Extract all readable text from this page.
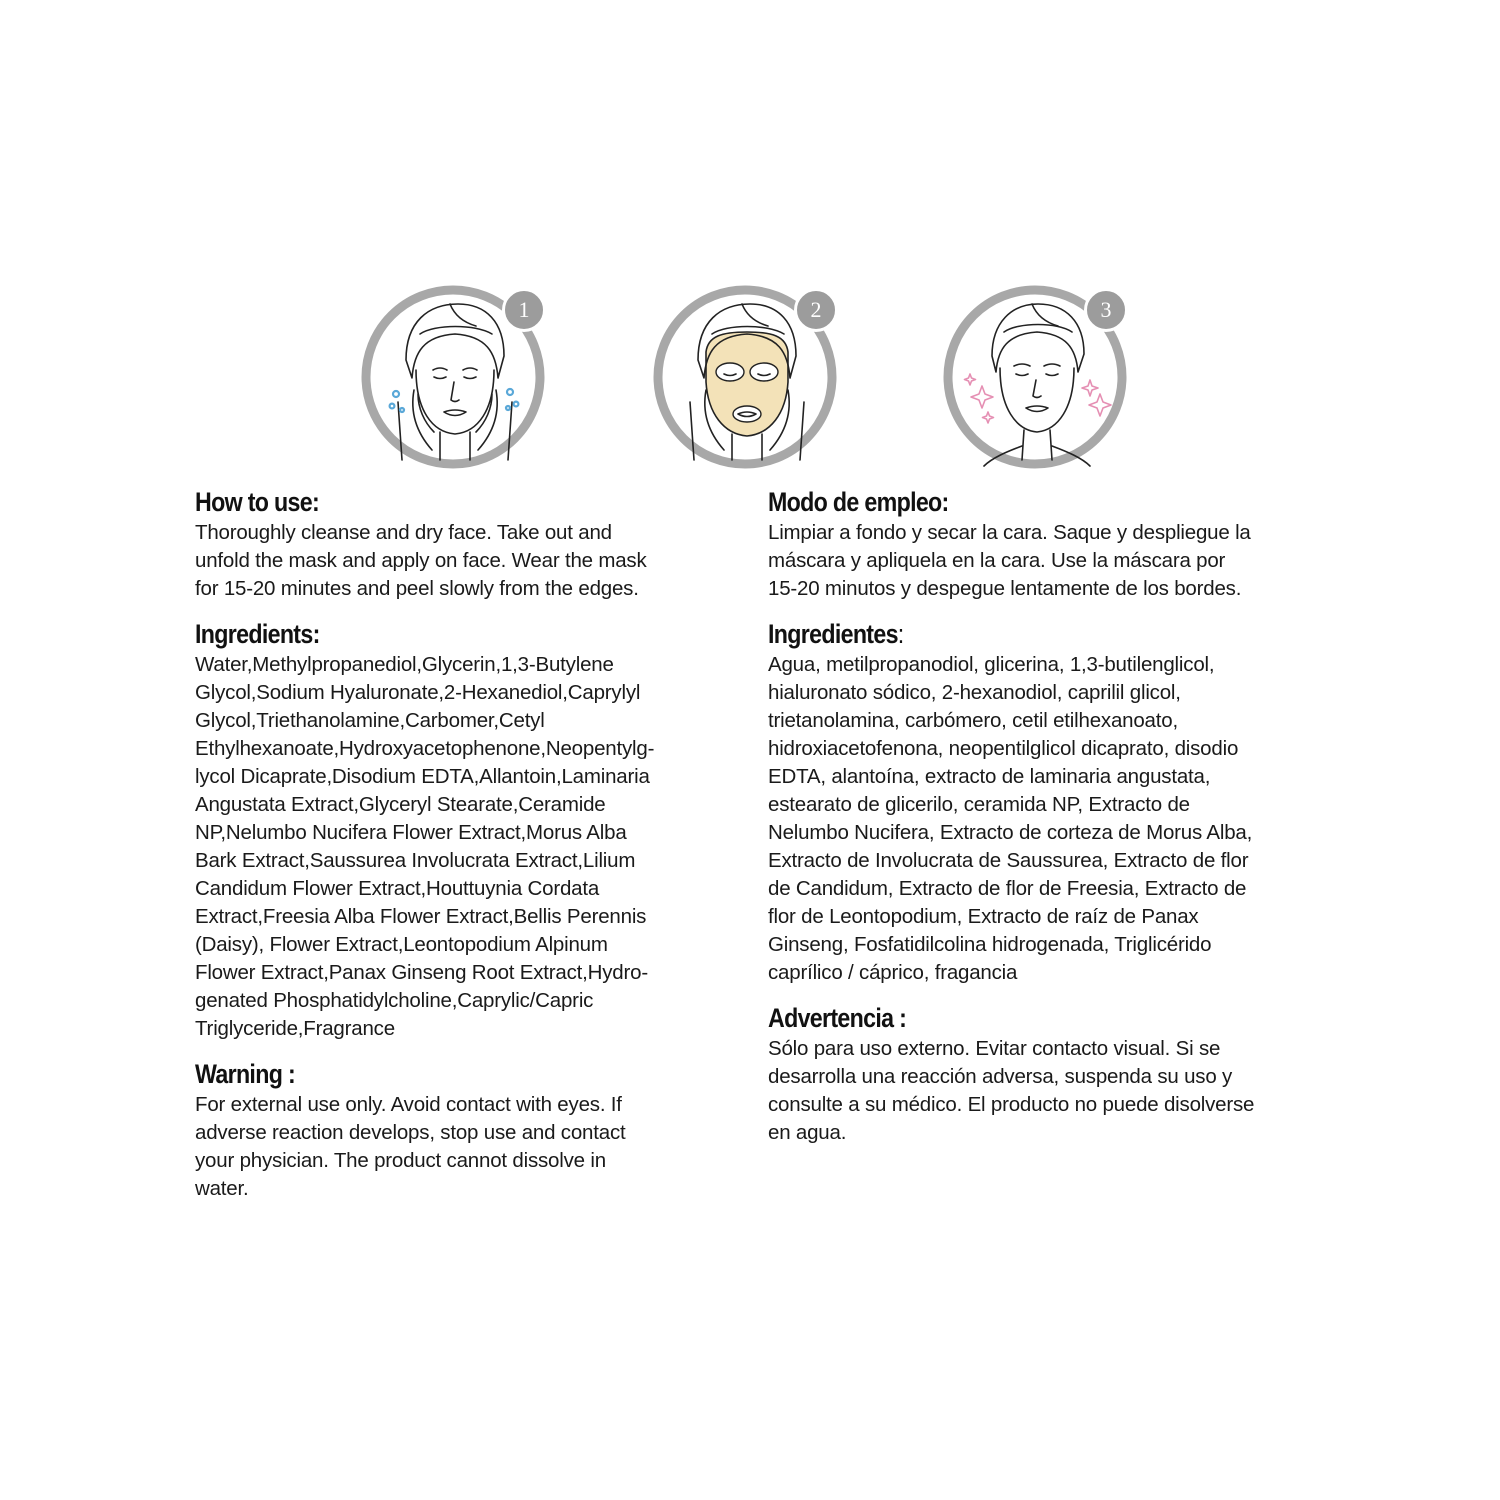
1	2	3
How to use:
Thoroughly cleanse and dry face. Take out and
unfold the mask and apply on face. Wear the mask
for 15-20 minutes and peel slowly from the edges.
Ingredients:
Water,Methylpropanediol,Glycerin,1,3-Butylene
Glycol,Sodium Hyaluronate,2-Hexanediol,Caprylyl
Glycol,Triethanolamine,Carbomer,Cetyl
Ethylhexanoate,Hydroxyacetophenone,Neopentylg-
lycol Dicaprate,Disodium EDTA,Allantoin,Laminaria
Angustata Extract,Glyceryl Stearate,Ceramide
NP,Nelumbo Nucifera Flower Extract,Morus Alba
Bark Extract,Saussurea Involucrata Extract,Lilium
Candidum Flower Extract,Houttuynia Cordata
Extract,Freesia Alba Flower Extract,Bellis Perennis
(Daisy), Flower Extract,Leontopodium Alpinum
Flower Extract,Panax Ginseng Root Extract,Hydro-
genated Phosphatidylcholine,Caprylic/Capric
Triglyceride,Fragrance
Warning :
For external use only. Avoid contact with eyes. If
adverse reaction develops, stop use and contact
your physician. The product cannot dissolve in
water.
Modo de empleo:
Limpiar a fondo y secar la cara. Saque y despliegue la
máscara y apliquela en la cara. Use la máscara por
15-20 minutos y despegue lentamente de los bordes.
Ingredientes:
Agua, metilpropanodiol, glicerina, 1,3-butilenglicol,
hialuronato sódico, 2-hexanodiol, caprilil glicol,
trietanolamina, carbómero, cetil etilhexanoato,
hidroxiacetofenona, neopentilglicol dicaprato, disodio
EDTA, alantoína, extracto de laminaria angustata,
estearato de glicerilo, ceramida NP, Extracto de
Nelumbo Nucifera, Extracto de corteza de Morus Alba,
Extracto de Involucrata de Saussurea, Extracto de flor
de Candidum, Extracto de flor de Freesia, Extracto de
flor de Leontopodium, Extracto de raíz de Panax
Ginseng, Fosfatidilcolina hidrogenada, Triglicérido
caprílico / cáprico, fragancia
Advertencia :
Sólo para uso externo. Evitar contacto visual. Si se
desarrolla una reacción adversa, suspenda su uso y
consulte a su médico. El producto no puede disolverse
en agua.
